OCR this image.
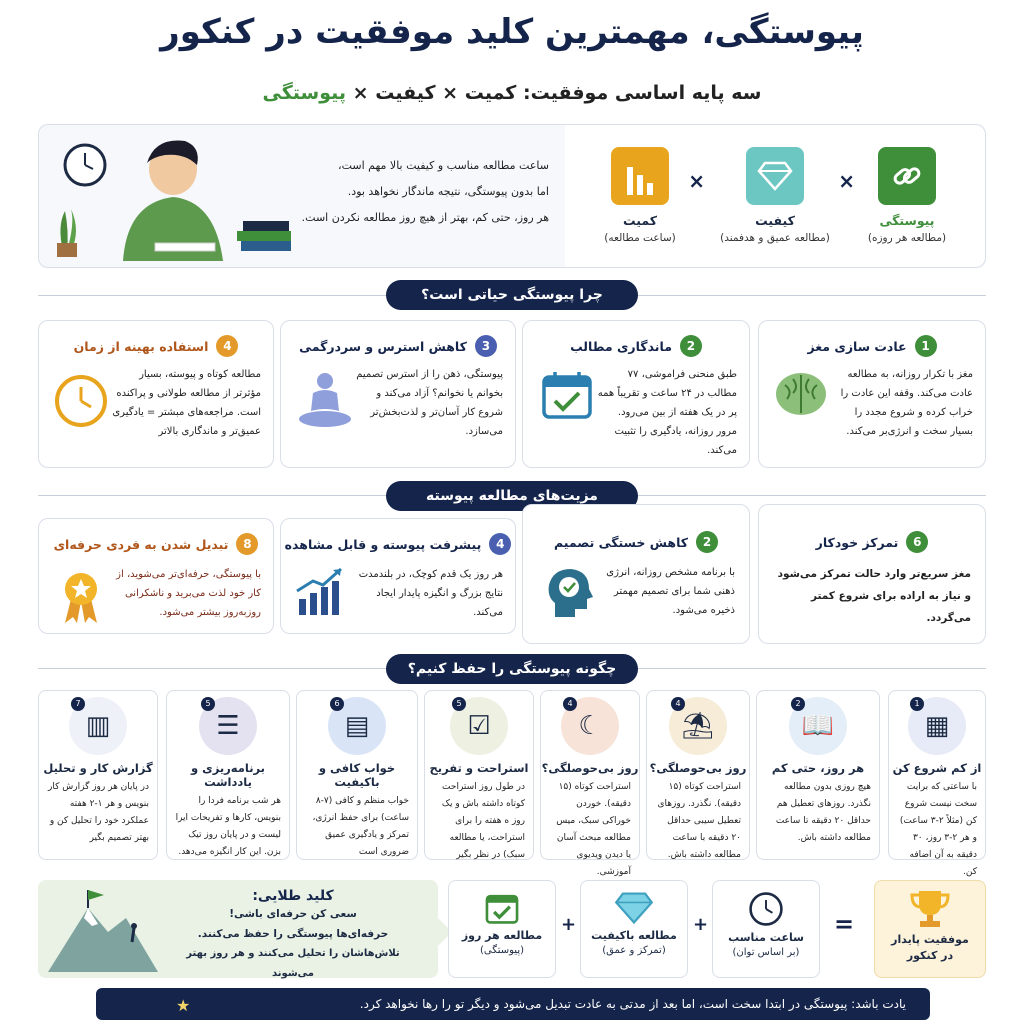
پیوستگی، مهمترین کلید موفقیت در کنکور
سه پایه اساسی موفقیت: کمیت × کیفیت × پیوستگی
پیوستگی
(مطالعه هر روزه)
×
کیفیت
(مطالعه عمیق و هدفمند)
×
کمیت
(ساعت مطالعه)
ساعت مطالعه مناسب و کیفیت بالا مهم است،
اما بدون پیوستگی، نتیجه ماندگار نخواهد بود.
هر روز، حتی کم، بهتر از هیچ روز مطالعه نکردن است.
چرا پیوستگی حیاتی است؟
1
عادت سازی مغز
مغز با تکرار روزانه، به مطالعه عادت می‌کند. وقفه این عادت را خراب کرده و شروع مجدد را بسیار سخت و انرژی‌بر می‌کند.
2
ماندگاری مطالب
طبق منحنی فراموشی، ۷۷ مطالب در ۲۴ ساعت و تقریباً همه پر در یک هفته از بین می‌رود. مرور روزانه، یادگیری را تثبیت می‌کند.
3
کاهش استرس و سردرگمی
پیوستگی، ذهن را از استرس تصمیم بخوانم یا نخوانم؟ آزاد می‌کند و شروع کار آسان‌تر و لذت‌بخش‌تر می‌سازد.
4
استفاده بهینه از زمان
مطالعه کوتاه و پیوسته، بسیار مؤثرتر از مطالعه طولانی و پراکنده است. مراجعه‌های مبشتر = یادگیری عمیق‌تر و ماندگاری بالاتر
مزیت‌های مطالعه پیوسته
6
تمرکز خودکار
مغز سریع‌تر وارد حالت تمرکز می‌شود و نیاز به اراده برای شروع کمتر می‌گردد.
2
کاهش خستگی تصمیم
با برنامه مشخص روزانه، انرژی ذهنی شما برای تصمیم مهمتر ذخیره می‌شود.
4
پیشرفت پیوسته و قابل مشاهده
هر روز یک قدم کوچک، در بلندمدت نتایج بزرگ و انگیزه پایدار ایجاد می‌کند.
8
تبدیل شدن به فردی حرفه‌ای
با پیوستگی، حرفه‌ای‌تر می‌شوید، از کار خود لذت می‌برید و ناشکرانی روزبه‌روز بیشتر می‌شود.
چگونه پیوستگی را حفظ کنیم؟
▦
1
از کم شروع کن
با ساعتی که برایت سخت نیست شروع کن (مثلاً ۲-۳ ساعت) و هر ۲-۳ روز، ۳۰ دقیقه به آن اضافه کن.
📖
2
هر روز، حتی کم
هیچ روزی بدون مطالعه نگذرد. روزهای تعطیل هم حداقل ۲۰ دقیقه تا ساعت مطالعه داشته باش.
⛱
4
روز بی‌حوصلگی؟
استراحت کوتاه (۱۵ دقیقه). نگذرد. روزهای تعطیل سیبی حداقل ۲۰ دقیقه با ساعت مطالعه داشته باش.
☾
4
روز بی‌حوصلگی؟
استراحت کوتاه (۱۵ دقیقه). خوردن خوراکی سبک، میس مطالعه مبحث آسان یا دیدن ویدیوی آموزشی.
☑
5
استراحت و تفریح
در طول روز استراحت کوتاه داشته باش و یک روز ه هفته را برای استراحت، یا مطالعه سبک) در نظر بگیر
▤
6
خواب کافی و باکیفیت
خواب منظم و کافی (۷-۸ ساعت) برای حفظ انرژی، تمرکز و یادگیری عمیق ضروری است
☰
5
برنامه‌ریزی و یادداشت
هر شب برنامه فردا را بنویس، کارها و تفریحات ایرا لیست و در پایان روز تیک بزن. این کار انگیزه می‌دهد.
▥
7
گزارش کار و تحلیل
در پایان هر روز گزارش کار بنویس و هر ۱-۲ هفته عملکرد خود را تحلیل کن و بهتر تصمیم بگیر
کلید طلایی:
سعی کن حرفه‌ای باشی!
حرفه‌ای‌ها پیوستگی را حفظ می‌کنند.
تلاش‌هاشان را تحلیل می‌کنند و هر روز بهتر می‌شوند
مطالعه هر روز
(پیوستگی)
+
مطالعه باکیفیت
(تمرکز و عمق)
+
ساعت مناسب
(بر اساس توان)
=
موفقیت پایدار
در کنکور
یادت باشد: پیوستگی در ابتدا سخت است، اما بعد از مدتی به عادت تبدیل می‌شود و دیگر تو را رها نخواهد کرد.
★
